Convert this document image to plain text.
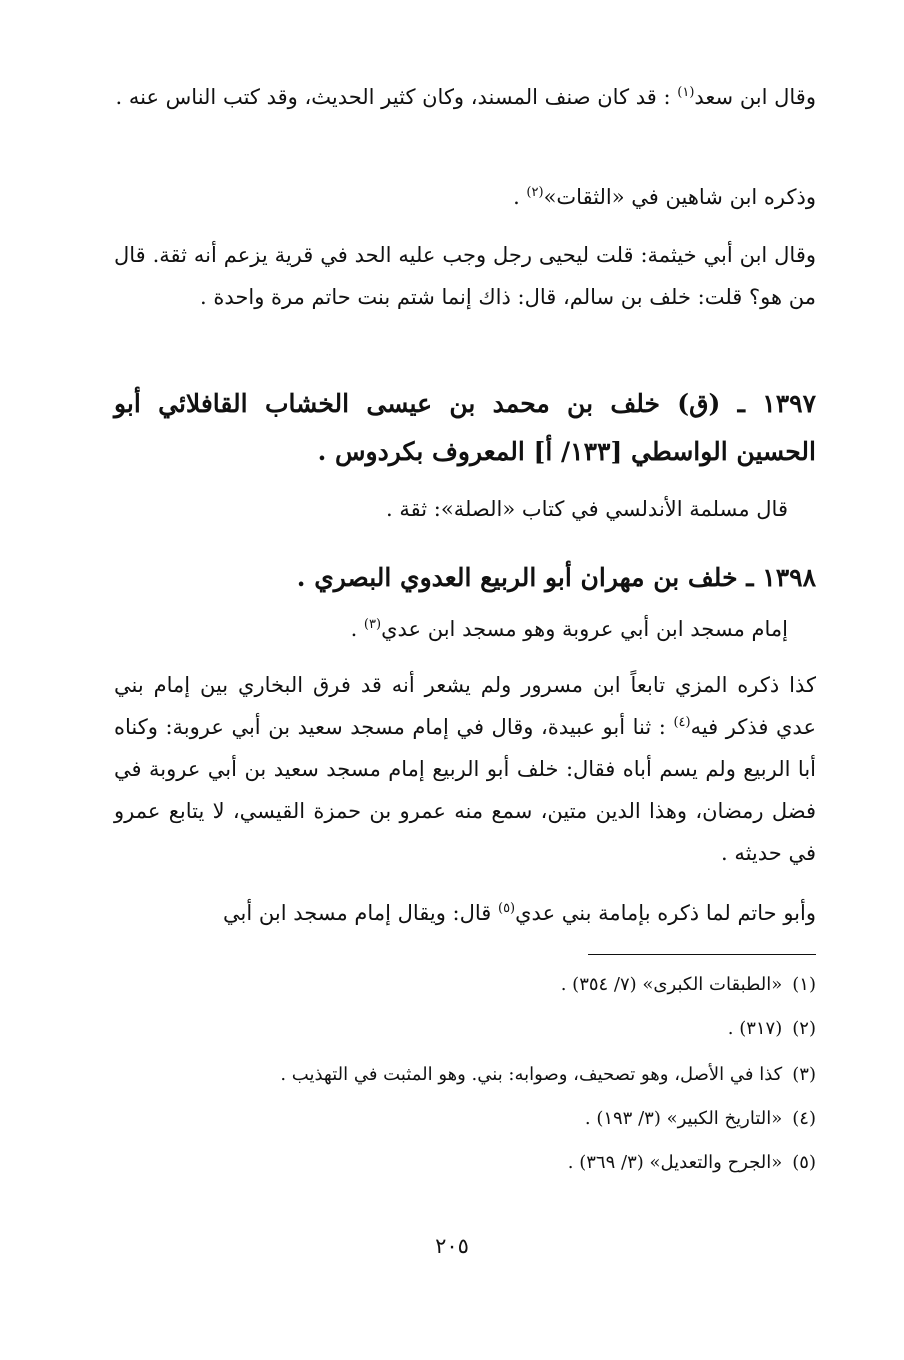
وقال ابن سعد$^{(١)}$ : قد كان صنف المسند، وكان كثير الحديث، وقد كتب الناس عنه .
وذكره ابن شاهين في «الثقات»$^{(٢)}$ .
وقال ابن أبي خيثمة: قلت ليحيى رجل وجب عليه الحد في قرية يزعم أنه ثقة. قال من هو؟ قلت: خلف بن سالم، قال: ذاك إنما شتم بنت حاتم مرة واحدة .
١٣٩٧ ـ (ق) خلف بن محمد بن عيسى الخشاب القافلائي أبو الحسين الواسطي [١٣٣/ أ] المعروف بكردوس .
قال مسلمة الأندلسي في كتاب «الصلة»: ثقة .
١٣٩٨ ـ خلف بن مهران أبو الربيع العدوي البصري .
إمام مسجد ابن أبي عروبة وهو مسجد ابن عدي$^{(٣)}$ .
كذا ذكره المزي تابعاً ابن مسرور ولم يشعر أنه قد فرق البخاري بين إمام بني عدي فذكر فيه$^{(٤)}$ : ثنا أبو عبيدة، وقال في إمام مسجد سعيد بن أبي عروبة: وكناه أبا الربيع ولم يسم أباه فقال: خلف أبو الربيع إمام مسجد سعيد بن أبي عروبة في فضل رمضان، وهذا الدين متين، سمع منه عمرو بن حمزة القيسي، لا يتابع عمرو في حديثه .
وأبو حاتم لما ذكره بإمامة بني عدي$^{(٥)}$ قال: ويقال إمام مسجد ابن أبي
(١)«الطبقات الكبرى» (٧/ ٣٥٤) .
(٢)(٣١٧) .
(٣)كذا في الأصل، وهو تصحيف، وصوابه: بني. وهو المثبت في التهذيب .
(٤)«التاريخ الكبير» (٣/ ١٩٣) .
(٥)«الجرح والتعديل» (٣/ ٣٦٩) .
٢٠٥
